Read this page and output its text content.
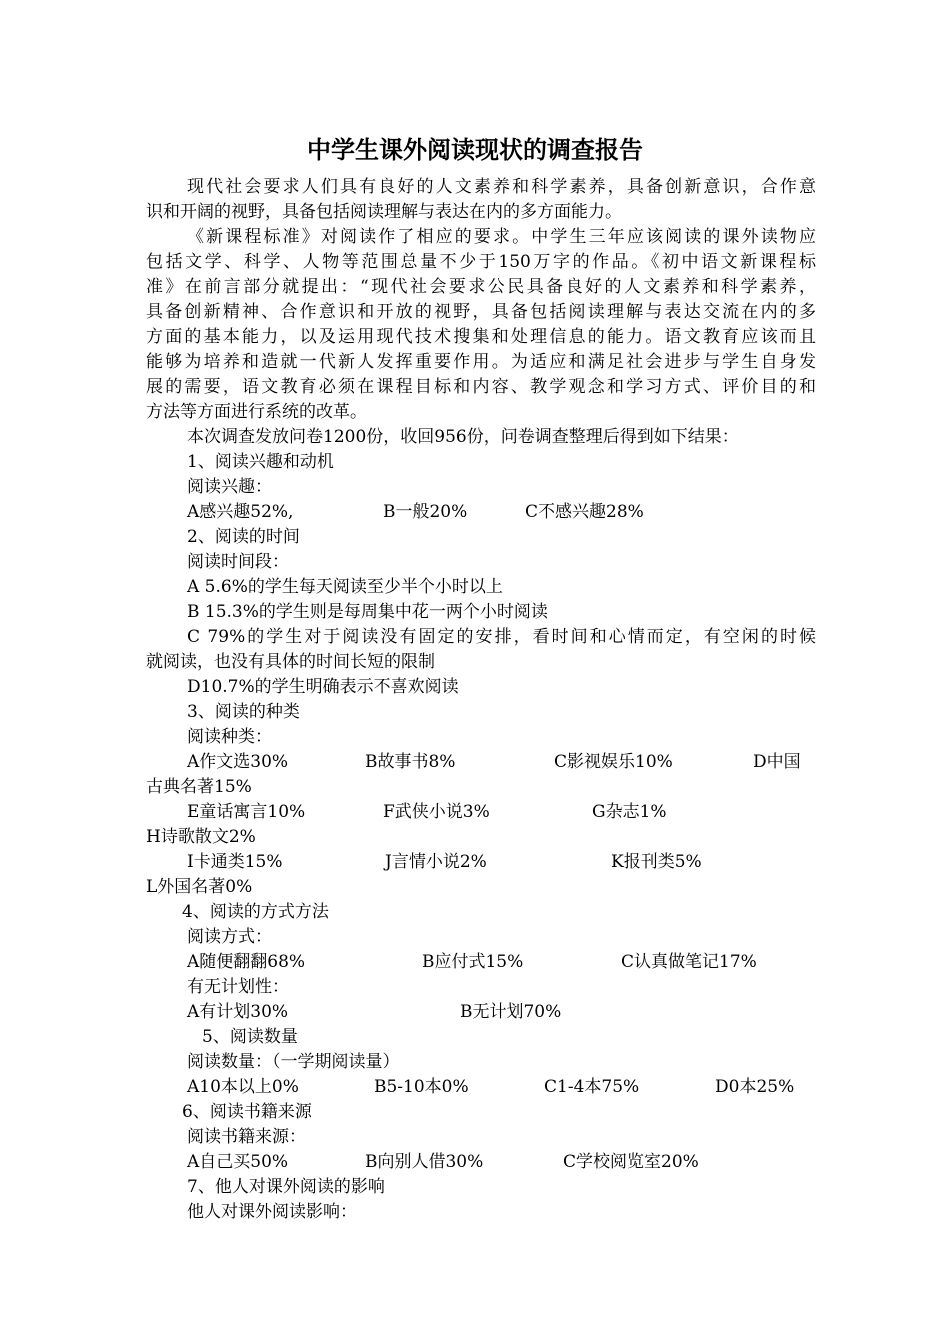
中学生课外阅读现状的调查报告
现代社会要求人们具有良好的人文素养和科学素养，具备创新意识，合作意
识和开阔的视野，具备包括阅读理解与表达在内的多方面能力。
《新课程标准》对阅读作了相应的要求。中学生三年应该阅读的课外读物应
包括文学、科学、人物等范围总量不少于150万字的作品。《初中语文新课程标
准》在前言部分就提出：“现代社会要求公民具备良好的人文素养和科学素养，
具备创新精神、合作意识和开放的视野，具备包括阅读理解与表达交流在内的多
方面的基本能力，以及运用现代技术搜集和处理信息的能力。语文教育应该而且
能够为培养和造就一代新人发挥重要作用。为适应和满足社会进步与学生自身发
展的需要，语文教育必须在课程目标和内容、教学观念和学习方式、评价目的和
方法等方面进行系统的改革。
本次调查发放问卷1200份，收回956份，问卷调查整理后得到如下结果：
1、阅读兴趣和动机
阅读兴趣：
A感兴趣52%,	B一般20%	C不感兴趣28%
2、阅读的时间
阅读时间段：
A 5.6%的学生每天阅读至少半个小时以上
B 15.3%的学生则是每周集中花一两个小时阅读
C 79%的学生对于阅读没有固定的安排，看时间和心情而定，有空闲的时候
就阅读，也没有具体的时间长短的限制
D10.7%的学生明确表示不喜欢阅读
3、阅读的种类
阅读种类：
A作文选30%	B故事书8%	C影视娱乐10%	D中国
古典名著15%
E童话寓言10%	F武侠小说3%	G杂志1%
H诗歌散文2%
I卡通类15%	J言情小说2%	K报刊类5%
L外国名著0%
4、阅读的方式方法
阅读方式：
A随便翻翻68%	B应付式15%	C认真做笔记17%
有无计划性：
A有计划30%	B无计划70%
5、阅读数量
阅读数量：（一学期阅读量）
A10本以上0%	B5-10本0%	C1-4本75%	D0本25%
6、阅读书籍来源
阅读书籍来源：
A自己买50%	B向别人借30%	C学校阅览室20%
7、他人对课外阅读的影响
他人对课外阅读影响：
